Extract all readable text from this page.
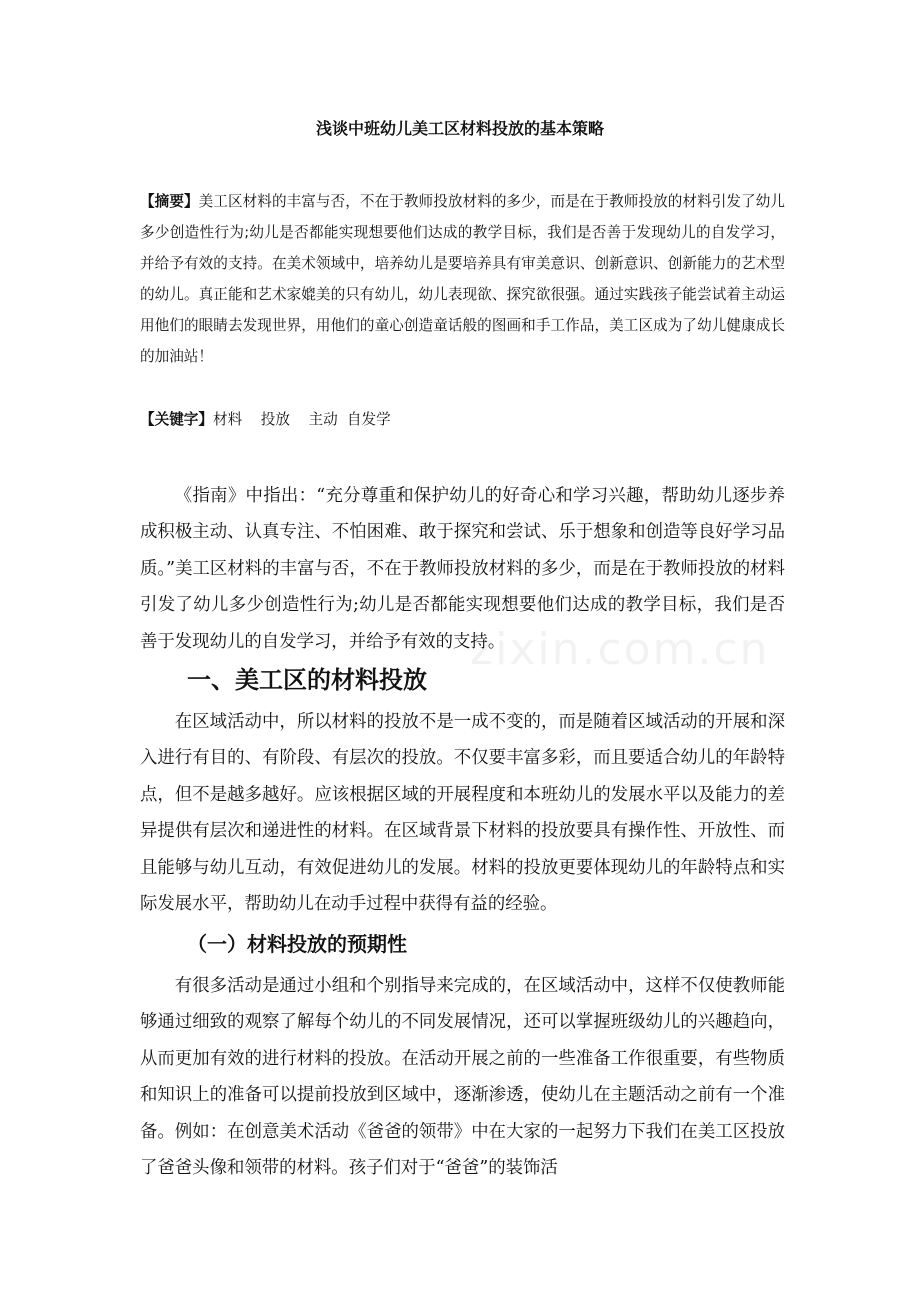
浅谈中班幼儿美工区材料投放的基本策略

【摘要】美工区材料的丰富与否，不在于教师投放材料的多少，而是在于教师投放的材料引发了幼儿多少创造性行为;幼儿是否都能实现想要他们达成的教学目标，我们是否善于发现幼儿的自发学习，并给予有效的支持。在美术领域中，培养幼儿是要培养具有审美意识、创新意识、创新能力的艺术型的幼儿。真正能和艺术家媲美的只有幼儿，幼儿表现欲、探究欲很强。通过实践孩子能尝试着主动运用他们的眼睛去发现世界，用他们的童心创造童话般的图画和手工作品，美工区成为了幼儿健康成长的加油站！

【关键字】材料    投放    主动  自发学

《指南》中指出：“充分尊重和保护幼儿的好奇心和学习兴趣，帮助幼儿逐步养成积极主动、认真专注、不怕困难、敢于探究和尝试、乐于想象和创造等良好学习品质。”美工区材料的丰富与否，不在于教师投放材料的多少，而是在于教师投放的材料引发了幼儿多少创造性行为;幼儿是否都能实现想要他们达成的教学目标，我们是否善于发现幼儿的自发学习，并给予有效的支持。

zixin.com.cn
一、美工区的材料投放

在区域活动中，所以材料的投放不是一成不变的，而是随着区域活动的开展和深入进行有目的、有阶段、有层次的投放。不仅要丰富多彩，而且要适合幼儿的年龄特点，但不是越多越好。应该根据区域的开展程度和本班幼儿的发展水平以及能力的差异提供有层次和递进性的材料。在区域背景下材料的投放要具有操作性、开放性、而且能够与幼儿互动，有效促进幼儿的发展。材料的投放更要体现幼儿的年龄特点和实际发展水平，帮助幼儿在动手过程中获得有益的经验。

（一）材料投放的预期性

有很多活动是通过小组和个别指导来完成的，在区域活动中，这样不仅使教师能够通过细致的观察了解每个幼儿的不同发展情况，还可以掌握班级幼儿的兴趣趋向，从而更加有效的进行材料的投放。在活动开展之前的一些准备工作很重要，有些物质和知识上的准备可以提前投放到区域中，逐渐渗透，使幼儿在主题活动之前有一个准备。例如：在创意美术活动《爸爸的领带》中在大家的一起努力下我们在美工区投放了爸爸头像和领带的材料。孩子们对于“爸爸”的装饰活
